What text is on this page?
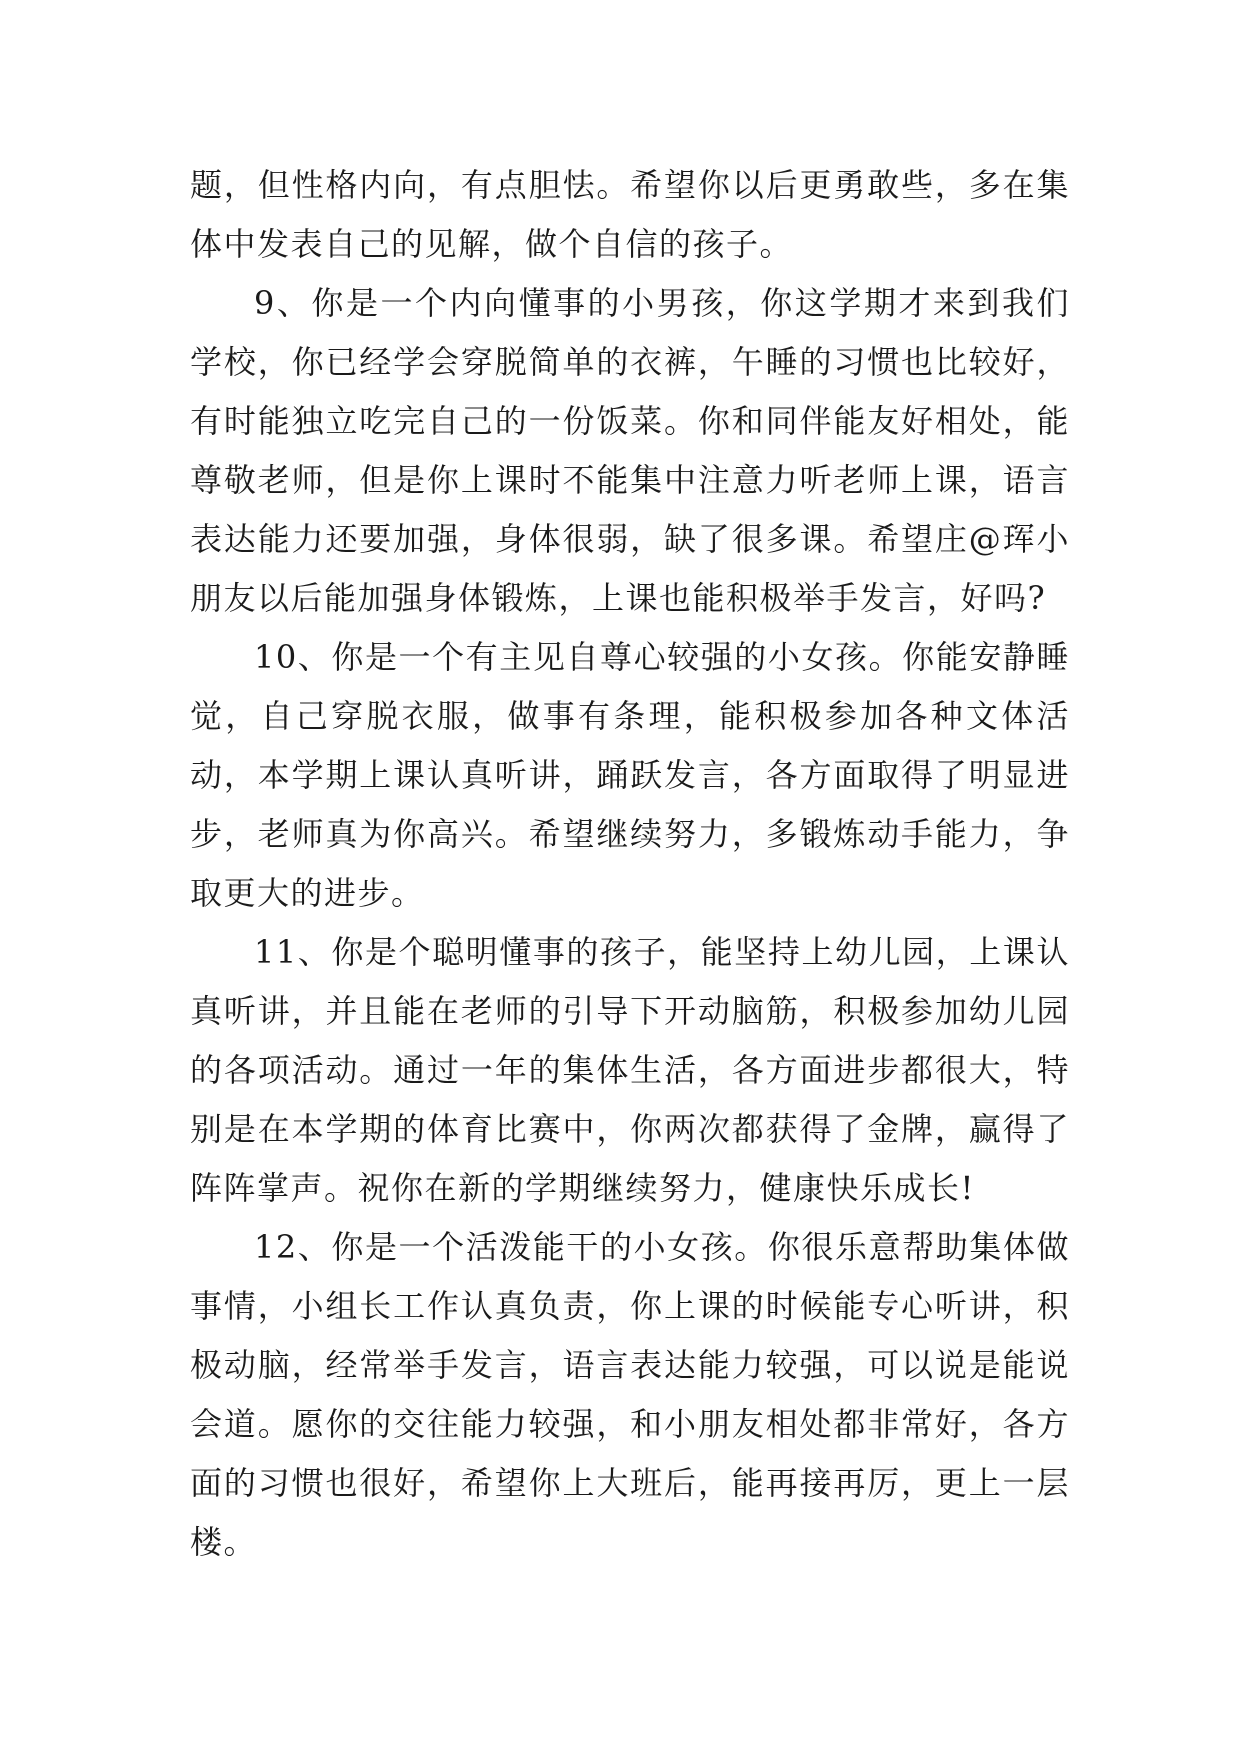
题，但性格内向，有点胆怯。希望你以后更勇敢些，多在集体中发表自己的见解，做个自信的孩子。

9、你是一个内向懂事的小男孩，你这学期才来到我们学校，你已经学会穿脱简单的衣裤，午睡的习惯也比较好，有时能独立吃完自己的一份饭菜。你和同伴能友好相处，能尊敬老师，但是你上课时不能集中注意力听老师上课，语言表达能力还要加强，身体很弱，缺了很多课。希望庄@珲小朋友以后能加强身体锻炼，上课也能积极举手发言，好吗?

10、你是一个有主见自尊心较强的小女孩。你能安静睡觉，自己穿脱衣服，做事有条理，能积极参加各种文体活动，本学期上课认真听讲，踊跃发言，各方面取得了明显进步，老师真为你高兴。希望继续努力，多锻炼动手能力，争取更大的进步。

11、你是个聪明懂事的孩子，能坚持上幼儿园，上课认真听讲，并且能在老师的引导下开动脑筋，积极参加幼儿园的各项活动。通过一年的集体生活，各方面进步都很大，特别是在本学期的体育比赛中，你两次都获得了金牌，赢得了阵阵掌声。祝你在新的学期继续努力，健康快乐成长!

12、你是一个活泼能干的小女孩。你很乐意帮助集体做事情，小组长工作认真负责，你上课的时候能专心听讲，积极动脑，经常举手发言，语言表达能力较强，可以说是能说会道。愿你的交往能力较强，和小朋友相处都非常好，各方面的习惯也很好，希望你上大班后，能再接再厉，更上一层楼。
